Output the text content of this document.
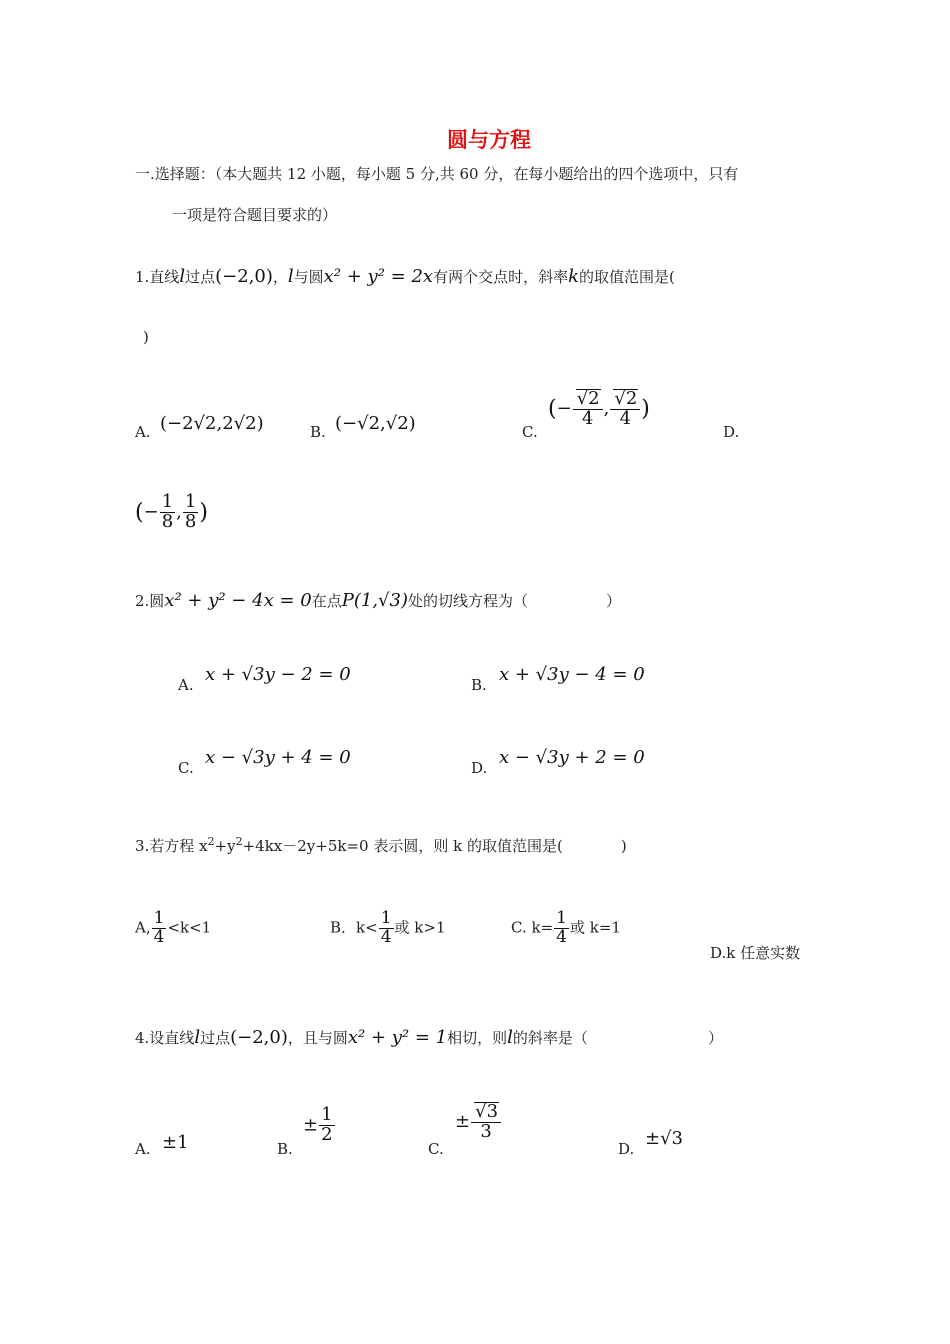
圆与方程
一.选择题：（本大题共 12 小题，每小题 5 分,共 60 分，在每小题给出的四个选项中，只有
一项是符合题目要求的）
1.直线l过点(−2,0)，l与圆x² + y² = 2x有两个交点时，斜率k的取值范围是(
)
A. (−2√2,2√2)	B. (−√2,√2)	C.
(− $\frac{√2}{4}$ , $\frac{√2}{4}$ )
D.
(− $\frac{1}{8}$ , $\frac{1}{8}$ )
2.圆x² + y² − 4x = 0在点P(1,√3)处的切线方程为（	）
A. x + √3y − 2 = 0	B. x + √3y − 4 = 0
C. x − √3y + 4 = 0	D. x − √3y + 2 = 0
3.若方程 $x^2+y^2+4kx-2y+5k=0$ 表示圆，则 k 的取值范围是(	)
A, $\frac{1}{4} <k<1$	B．$k< \frac{1}{4}$ 或 k>1	C. $k= \frac{1}{4}$ 或 k=1
D.k 任意实数
4.设直线l过点(−2,0)，且与圆x² + y² = 1相切，则l的斜率是（	）
A. ±1	B.
± $\frac{1}{2}$
C.
± $\frac{√3}{3}$
D. ±√3
